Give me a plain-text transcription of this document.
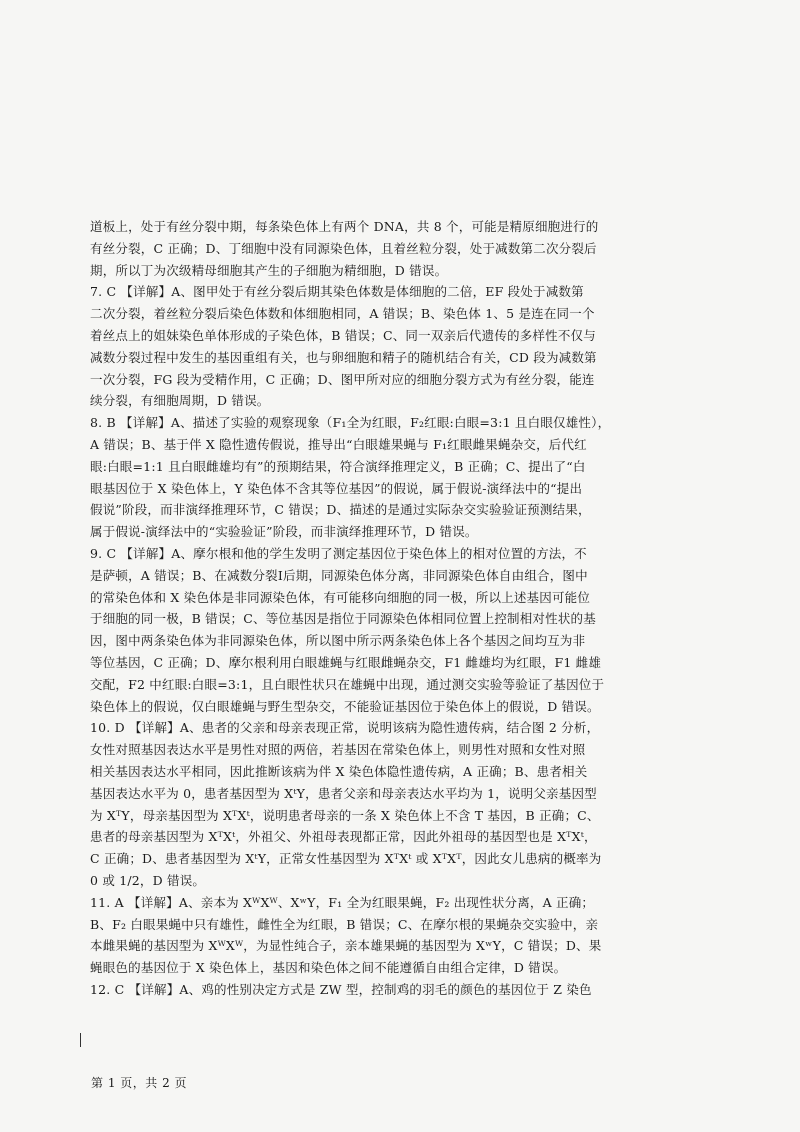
道板上，处于有丝分裂中期，每条染色体上有两个 DNA，共 8 个，可能是精原细胞进行的
有丝分裂，C 正确；D、丁细胞中没有同源染色体，且着丝粒分裂，处于减数第二次分裂后
期，所以丁为次级精母细胞其产生的子细胞为精细胞，D 错误。
7. C 【详解】A、图甲处于有丝分裂后期其染色体数是体细胞的二倍，EF 段处于减数第
二次分裂，着丝粒分裂后染色体数和体细胞相同，A 错误；B、染色体 1、5 是连在同一个
着丝点上的姐妹染色单体形成的子染色体，B 错误；C、同一双亲后代遗传的多样性不仅与
减数分裂过程中发生的基因重组有关，也与卵细胞和精子的随机结合有关，CD 段为减数第
一次分裂，FG 段为受精作用，C 正确；D、图甲所对应的细胞分裂方式为有丝分裂，能连
续分裂，有细胞周期，D 错误。
8. B 【详解】A、描述了实验的观察现象（F₁全为红眼，F₂红眼:白眼=3:1 且白眼仅雄性），
A 错误；B、基于伴 X 隐性遗传假说，推导出“白眼雄果蝇与 F₁红眼雌果蝇杂交，后代红
眼:白眼=1:1 且白眼雌雄均有”的预期结果，符合演绎推理定义，B 正确；C、提出了“白
眼基因位于 X 染色体上，Y 染色体不含其等位基因”的假说，属于假说-演绎法中的“提出
假说”阶段，而非演绎推理环节，C 错误；D、描述的是通过实际杂交实验验证预测结果，
属于假说-演绎法中的“实验验证”阶段，而非演绎推理环节，D 错误。
9. C 【详解】A、摩尔根和他的学生发明了测定基因位于染色体上的相对位置的方法，不
是萨顿，A 错误；B、在减数分裂Ⅰ后期，同源染色体分离，非同源染色体自由组合，图中
的常染色体和 X 染色体是非同源染色体，有可能移向细胞的同一极，所以上述基因可能位
于细胞的同一极，B 错误；C、等位基因是指位于同源染色体相同位置上控制相对性状的基
因，图中两条染色体为非同源染色体，所以图中所示两条染色体上各个基因之间均互为非
等位基因，C 正确；D、摩尔根利用白眼雄蝇与红眼雌蝇杂交，F1 雌雄均为红眼，F1 雌雄
交配，F2 中红眼:白眼=3:1，且白眼性状只在雄蝇中出现，通过测交实验等验证了基因位于
染色体上的假说，仅白眼雄蝇与野生型杂交，不能验证基因位于染色体上的假说，D 错误。
10. D 【详解】A、患者的父亲和母亲表现正常，说明该病为隐性遗传病，结合图 2 分析，
女性对照基因表达水平是男性对照的两倍，若基因在常染色体上，则男性对照和女性对照
相关基因表达水平相同，因此推断该病为伴 X 染色体隐性遗传病，A 正确；B、患者相关
基因表达水平为 0，患者基因型为 XᵗY，患者父亲和母亲表达水平均为 1，说明父亲基因型
为 XᵀY，母亲基因型为 XᵀXᵗ，说明患者母亲的一条 X 染色体上不含 T 基因，B 正确；C、
患者的母亲基因型为 XᵀXᵗ，外祖父、外祖母表现都正常，因此外祖母的基因型也是 XᵀXᵗ，
C 正确；D、患者基因型为 XᵗY，正常女性基因型为 XᵀXᵗ 或 XᵀXᵀ，因此女儿患病的概率为
0 或 1/2，D 错误。
11. A 【详解】A、亲本为 XᵂXᵂ、XʷY，F₁ 全为红眼果蝇，F₂ 出现性状分离，A 正确；
B、F₂ 白眼果蝇中只有雄性，雌性全为红眼，B 错误；C、在摩尔根的果蝇杂交实验中，亲
本雌果蝇的基因型为 XᵂXᵂ，为显性纯合子，亲本雄果蝇的基因型为 XʷY，C 错误；D、果
蝇眼色的基因位于 X 染色体上，基因和染色体之间不能遵循自由组合定律，D 错误。
12. C 【详解】A、鸡的性别决定方式是 ZW 型，控制鸡的羽毛的颜色的基因位于 Z 染色
第 1 页，共 2 页
